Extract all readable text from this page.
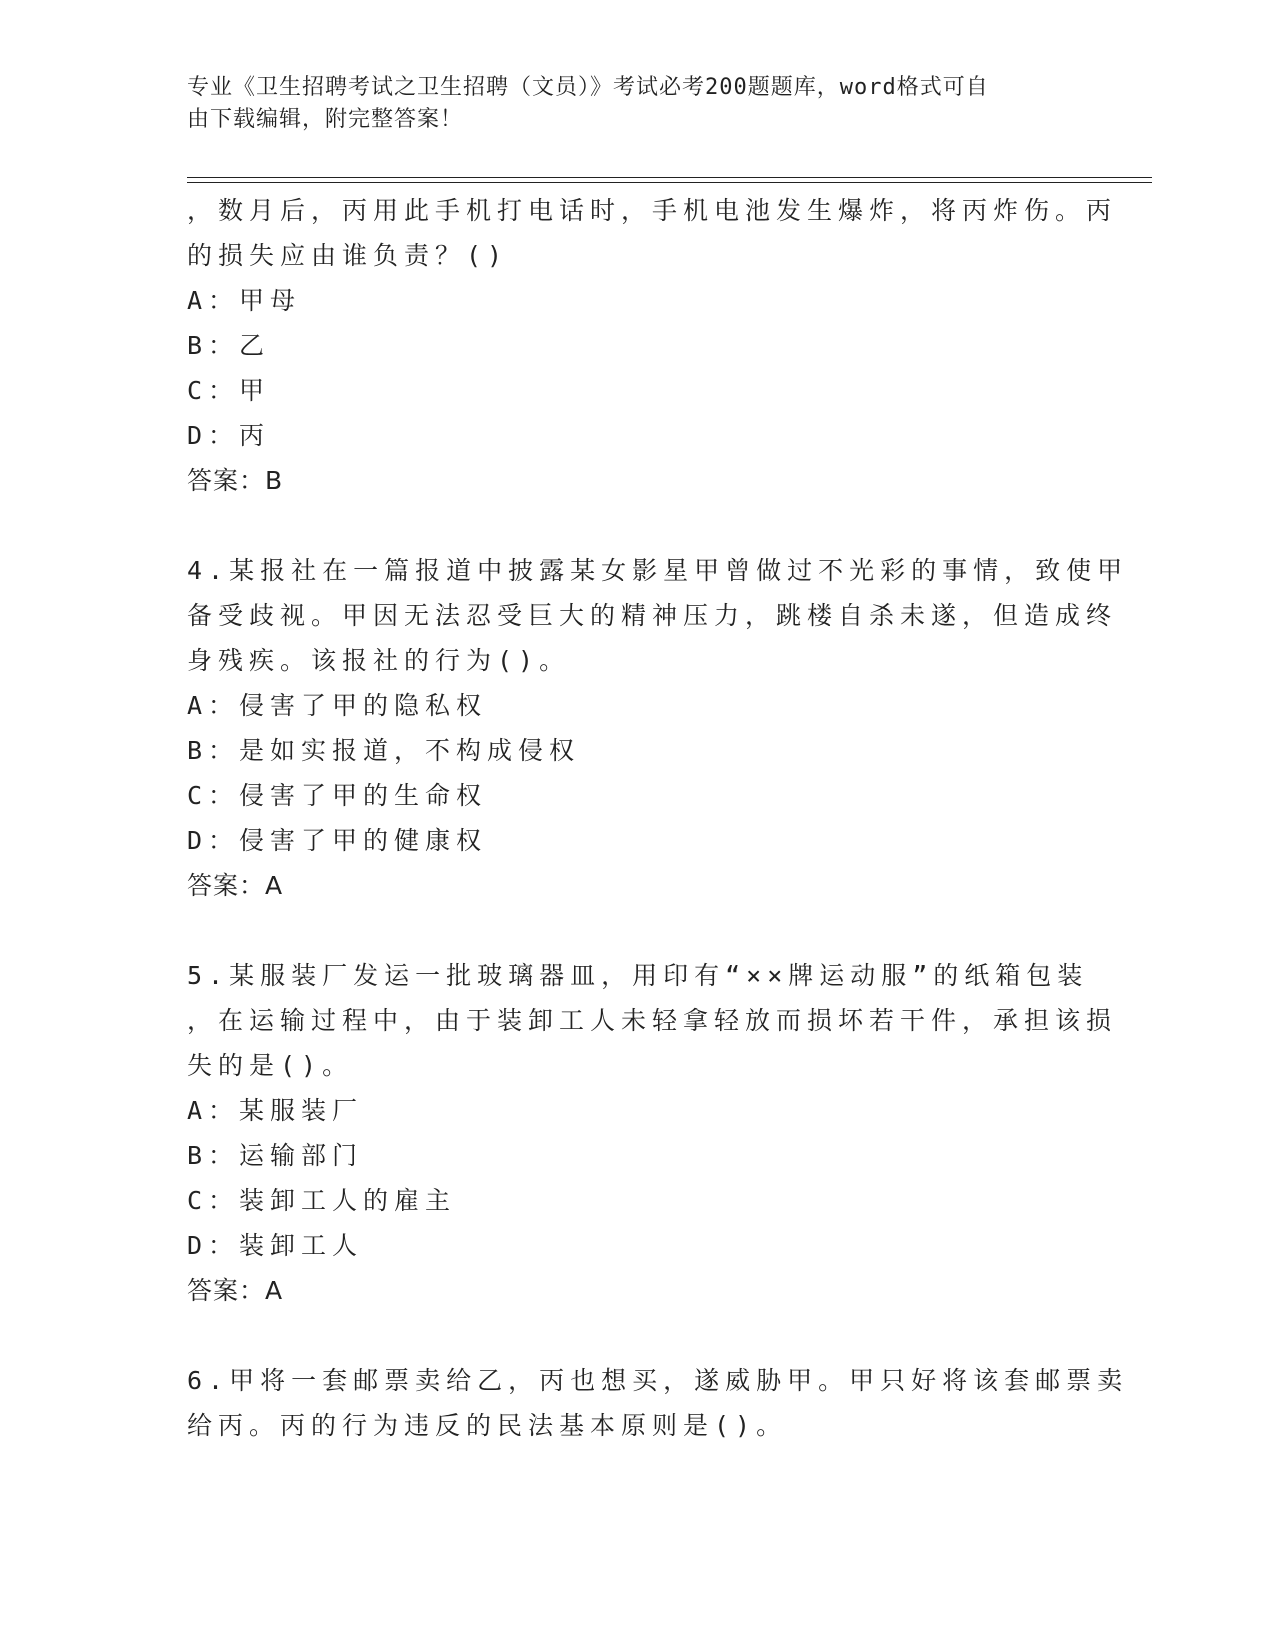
专业《卫生招聘考试之卫生招聘（文员）》考试必考200题题库，word格式可自
由下载编辑，附完整答案！
，数月后，丙用此手机打电话时，手机电池发生爆炸，将丙炸伤。丙
的损失应由谁负责？()
A：甲母
B：乙
C：甲
D：丙
答案：B
4.某报社在一篇报道中披露某女影星甲曾做过不光彩的事情，致使甲
备受歧视。甲因无法忍受巨大的精神压力，跳楼自杀未遂，但造成终
身残疾。该报社的行为()。
A：侵害了甲的隐私权
B：是如实报道，不构成侵权
C：侵害了甲的生命权
D：侵害了甲的健康权
答案：A
5.某服装厂发运一批玻璃器皿，用印有“××牌运动服”的纸箱包装
，在运输过程中，由于装卸工人未轻拿轻放而损坏若干件，承担该损
失的是()。
A：某服装厂
B：运输部门
C：装卸工人的雇主
D：装卸工人
答案：A
6.甲将一套邮票卖给乙，丙也想买，遂威胁甲。甲只好将该套邮票卖
给丙。丙的行为违反的民法基本原则是()。
